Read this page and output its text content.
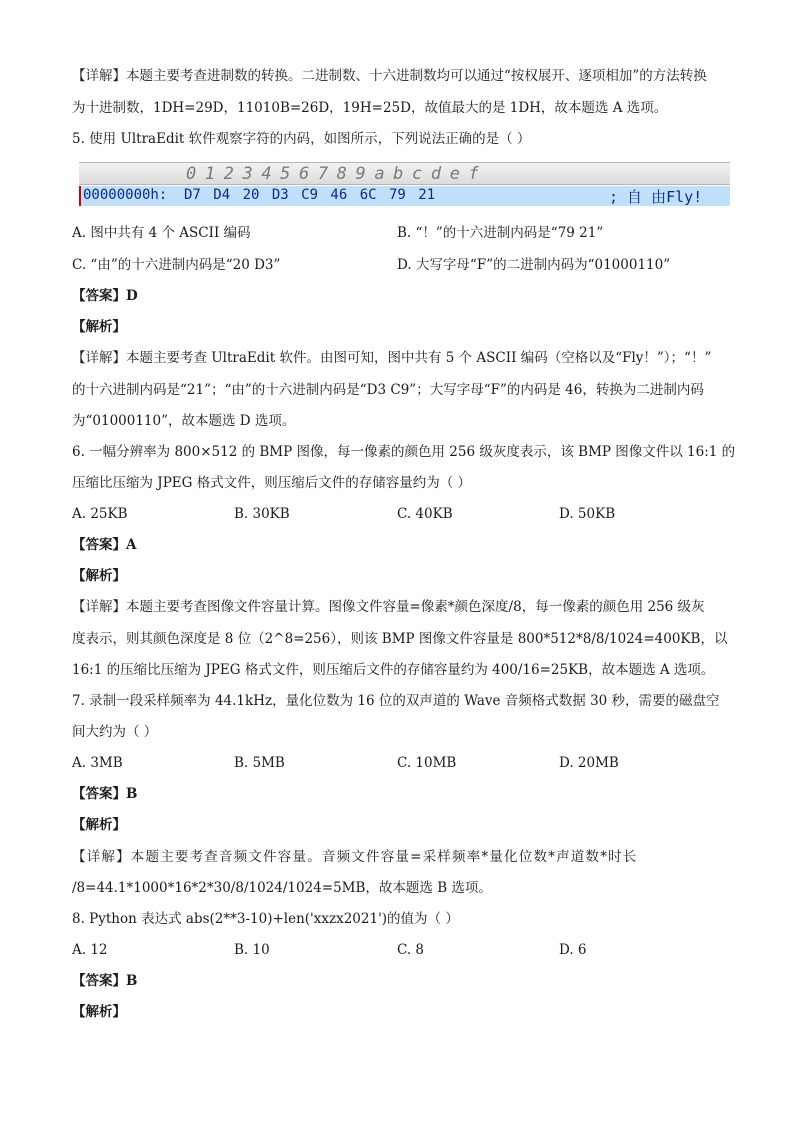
【详解】本题主要考查进制数的转换。二进制数、十六进制数均可以通过“按权展开、逐项相加”的方法转换
为十进制数，1DH=29D，11010B=26D，19H=25D，故值最大的是 1DH，故本题选 A 选项。
5. 使用 UltraEdit 软件观察字符的内码，如图所示，下列说法正确的是（ ）
0123456789abcdef
00000000h: D7 D4 20 D3 C9 46 6C 79 21	; 自 由Fly!
A. 图中共有 4 个 ASCII 编码	B. “！”的十六进制内码是“79 21”
C. “由”的十六进制内码是“20 D3”	D. 大写字母“F”的二进制内码为“01000110”
【答案】D
【解析】
【详解】本题主要考查 UltraEdit 软件。由图可知，图中共有 5 个 ASCII 编码（空格以及“Fly！”）；“！”
的十六进制内码是“21”；“由”的十六进制内码是“D3 C9”；大写字母“F”的内码是 46，转换为二进制内码
为“01000110”，故本题选 D 选项。
6. 一幅分辨率为 800×512 的 BMP 图像，每一像素的颜色用 256 级灰度表示，该 BMP 图像文件以 16:1 的
压缩比压缩为 JPEG 格式文件，则压缩后文件的存储容量约为（ ）
A. 25KB	B. 30KB	C. 40KB	D. 50KB
【答案】A
【解析】
【详解】本题主要考查图像文件容量计算。图像文件容量=像素*颜色深度/8，每一像素的颜色用 256 级灰
度表示，则其颜色深度是 8 位（2^8=256），则该 BMP 图像文件容量是 800*512*8/8/1024=400KB，以
16:1 的压缩比压缩为 JPEG 格式文件，则压缩后文件的存储容量约为 400/16=25KB，故本题选 A 选项。
7. 录制一段采样频率为 44.1kHz，量化位数为 16 位的双声道的 Wave 音频格式数据 30 秒，需要的磁盘空
间大约为（ ）
A. 3MB	B. 5MB	C. 10MB	D. 20MB
【答案】B
【解析】
【详解】本题主要考查音频文件容量。音频文件容量=采样频率*量化位数*声道数*时长
/8=44.1*1000*16*2*30/8/1024/1024=5MB，故本题选 B 选项。
8. Python 表达式 abs(2**3-10)+len('xxzx2021')的值为（ ）
A. 12	B. 10	C. 8	D. 6
【答案】B
【解析】
